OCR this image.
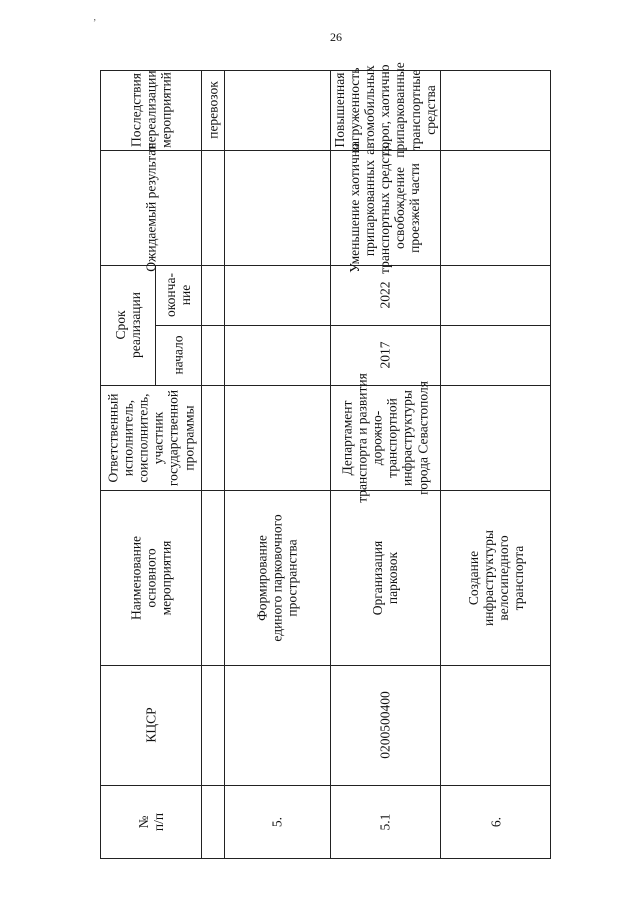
‚
26
№ п/п
КЦСР
Наименование основного мероприятия
Ответственный исполнитель, соисполнитель, участник государственной программы
Срок реализации начало
оконча- ние
Ожидаемый результат
Последствия нереализации мероприятий перевозок
5.
Формирование единого парковочного пространства
5.1
0200500400
Организация парковок
Департамент транспорта и развития дорожно- транспортной инфраструктуры города Севастополя
2017
2022
Уменьшение хаотично припаркованных транспортных средств, освобождение проезжей части
Повышенная загруженность автомобильных дорог, хаотично припаркованные транспортные средства
6.
Создание инфраструктуры велосипедного транспорта
